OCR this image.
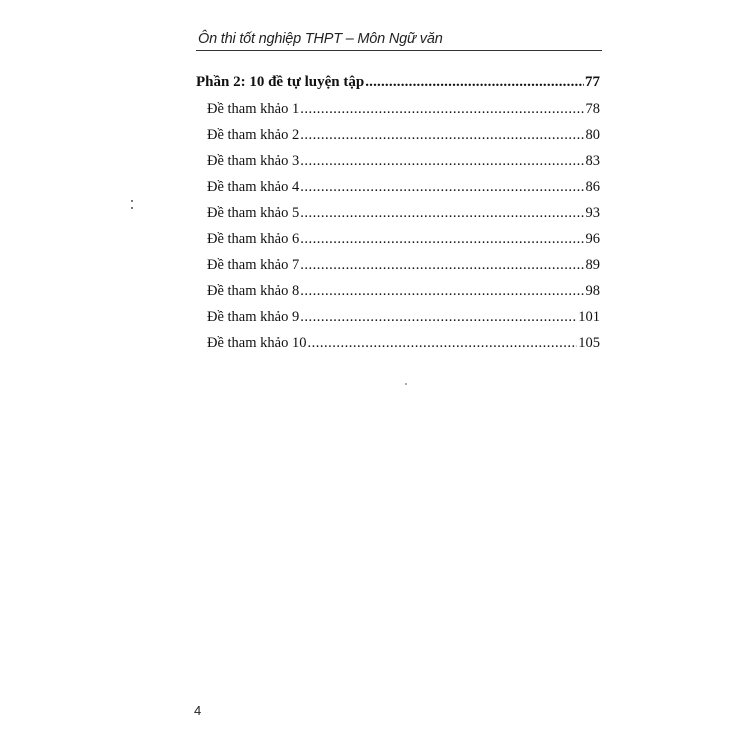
Ôn thi tốt nghiệp THPT – Môn Ngữ văn
Phần 2: 10 đề tự luyện tập .....	77
Đề tham khảo 1 .....	78
Đề tham khảo 2 .....	80
Đề tham khảo 3 .....	83
Đề tham khảo 4 .....	86
Đề tham khảo 5 .....	93
Đề tham khảo 6 .....	96
Đề tham khảo 7 .....	89
Đề tham khảo 8 .....	98
Đề tham khảo 9 .....	101
Đề tham khảo 10 .....	105
4
